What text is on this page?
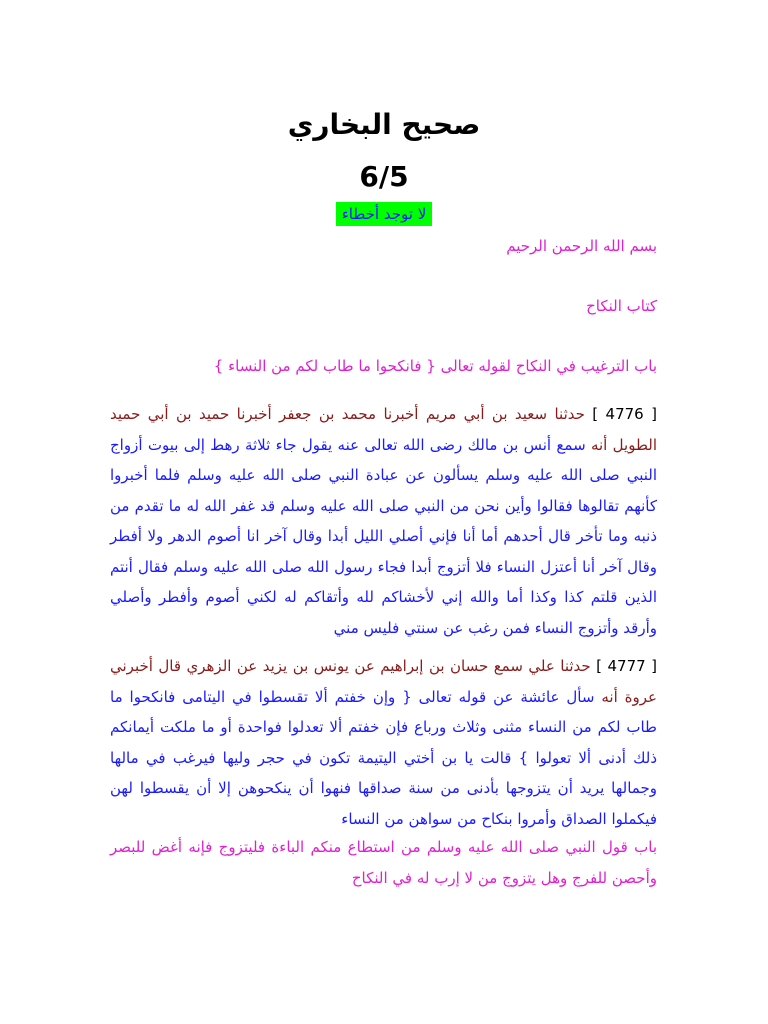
صحيح البخاري
6/5
لا توجد أخطاء
بسم الله الرحمن الرحيم
كتاب النكاح
باب الترغيب في النكاح لقوله تعالى { فانكحوا ما طاب لكم من النساء }
[ 4776 ] حدثنا سعيد بن أبي مريم أخبرنا محمد بن جعفر أخبرنا حميد بن أبي حميد الطويل أنه سمع أنس بن مالك رضى الله تعالى عنه يقول جاء ثلاثة رهط إلى بيوت أزواج النبي صلى الله عليه وسلم يسألون عن عبادة النبي صلى الله عليه وسلم فلما أخبروا كأنهم تقالوها فقالوا وأين نحن من النبي صلى الله عليه وسلم قد غفر الله له ما تقدم من ذنبه وما تأخر قال أحدهم أما أنا فإني أصلي الليل أبدا وقال آخر انا أصوم الدهر ولا أفطر وقال آخر أنا أعتزل النساء فلا أتزوج أبدا فجاء رسول الله صلى الله عليه وسلم فقال أنتم الذين قلتم كذا وكذا أما والله إني لأخشاكم لله وأتقاكم له لكني أصوم وأفطر وأصلي وأرقد وأتزوج النساء فمن رغب عن سنتي فليس مني
[ 4777 ] حدثنا علي سمع حسان بن إبراهيم عن يونس بن يزيد عن الزهري قال أخبرني عروة أنه سأل عائشة عن قوله تعالى { وإن خفتم ألا تقسطوا في اليتامى فانكحوا ما طاب لكم من النساء مثنى وثلاث ورباع فإن خفتم ألا تعدلوا فواحدة أو ما ملكت أيمانكم ذلك أدنى ألا تعولوا } قالت يا بن أختي اليتيمة تكون في حجر وليها فيرغب في مالها وجمالها يريد أن يتزوجها بأدنى من سنة صداقها فنهوا أن ينكحوهن إلا أن يقسطوا لهن فيكملوا الصداق وأمروا بنكاح من سواهن من النساء
باب قول النبي صلى الله عليه وسلم من استطاع منكم الباءة فليتزوج فإنه أغض للبصر وأحصن للفرج وهل يتزوج من لا إرب له في النكاح
